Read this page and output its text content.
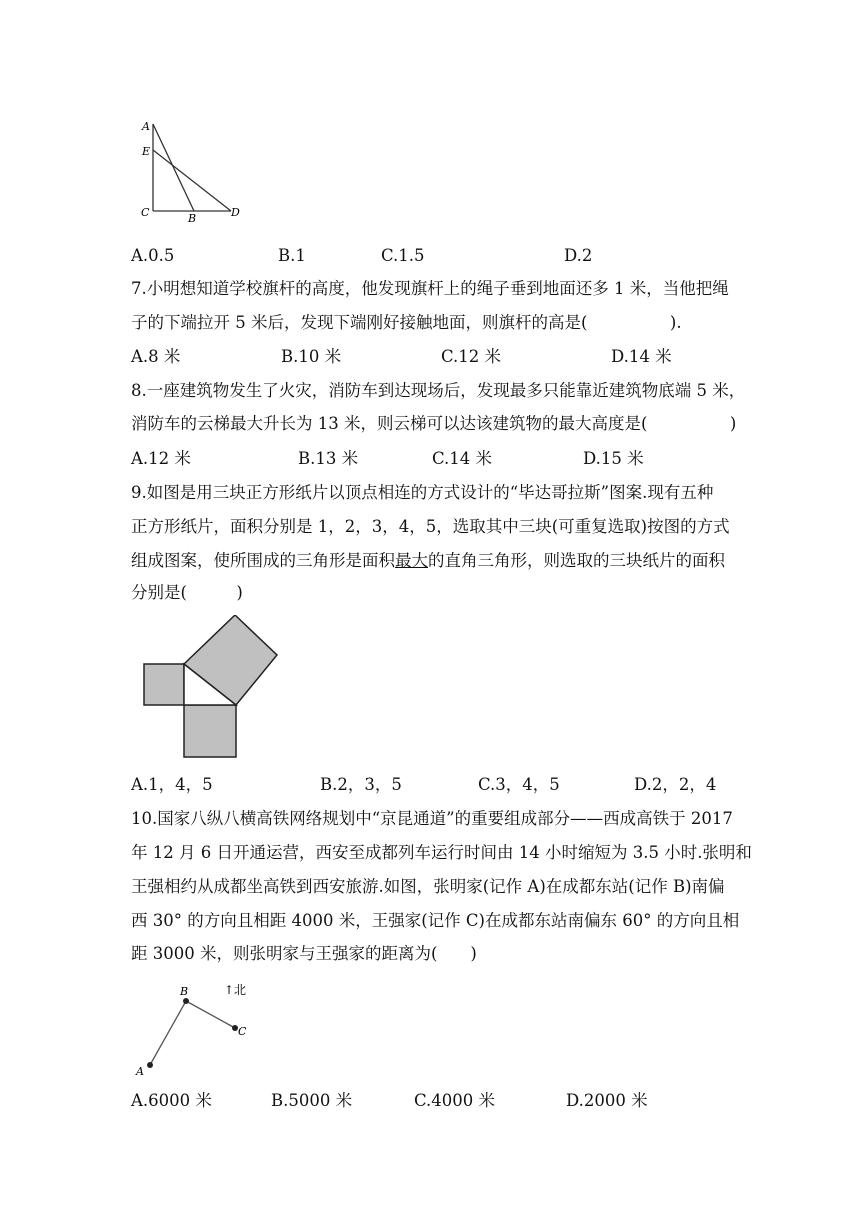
A
E
C	B	D
A.0.5	B.1	C.1.5	D.2
7.小明想知道学校旗杆的高度，他发现旗杆上的绳子垂到地面还多 1 米，当他把绳
子的下端拉开 5 米后，发现下端刚好接触地面，则旗杆的高是(　　　　　).
A.8 米	B.10 米	C.12 米	D.14 米
8.一座建筑物发生了火灾，消防车到达现场后，发现最多只能靠近建筑物底端 5 米，
消防车的云梯最大升长为 13 米，则云梯可以达该建筑物的最大高度是(　　　　　)
A.12 米	B.13 米	C.14 米	D.15 米
9.如图是用三块正方形纸片以顶点相连的方式设计的“毕达哥拉斯”图案.现有五种
正方形纸片，面积分别是 1，2，3，4，5，选取其中三块(可重复选取)按图的方式
组成图案，使所围成的三角形是面积最大的直角三角形，则选取的三块纸片的面积
分别是(　　　)
A.1，4，5	B.2，3，5	C.3，4，5	D.2，2，4
10.国家八纵八横高铁网络规划中“京昆通道”的重要组成部分——西成高铁于 2017
年 12 月 6 日开通运营，西安至成都列车运行时间由 14 小时缩短为 3.5 小时.张明和
王强相约从成都坐高铁到西安旅游.如图，张明家(记作 A)在成都东站(记作 B)南偏
西 30° 的方向且相距 4000 米，王强家(记作 C)在成都东站南偏东 60° 的方向且相
距 3000 米，则张明家与王强家的距离为(　　)
A
B
C
↑北
A.6000 米	B.5000 米	C.4000 米	D.2000 米
